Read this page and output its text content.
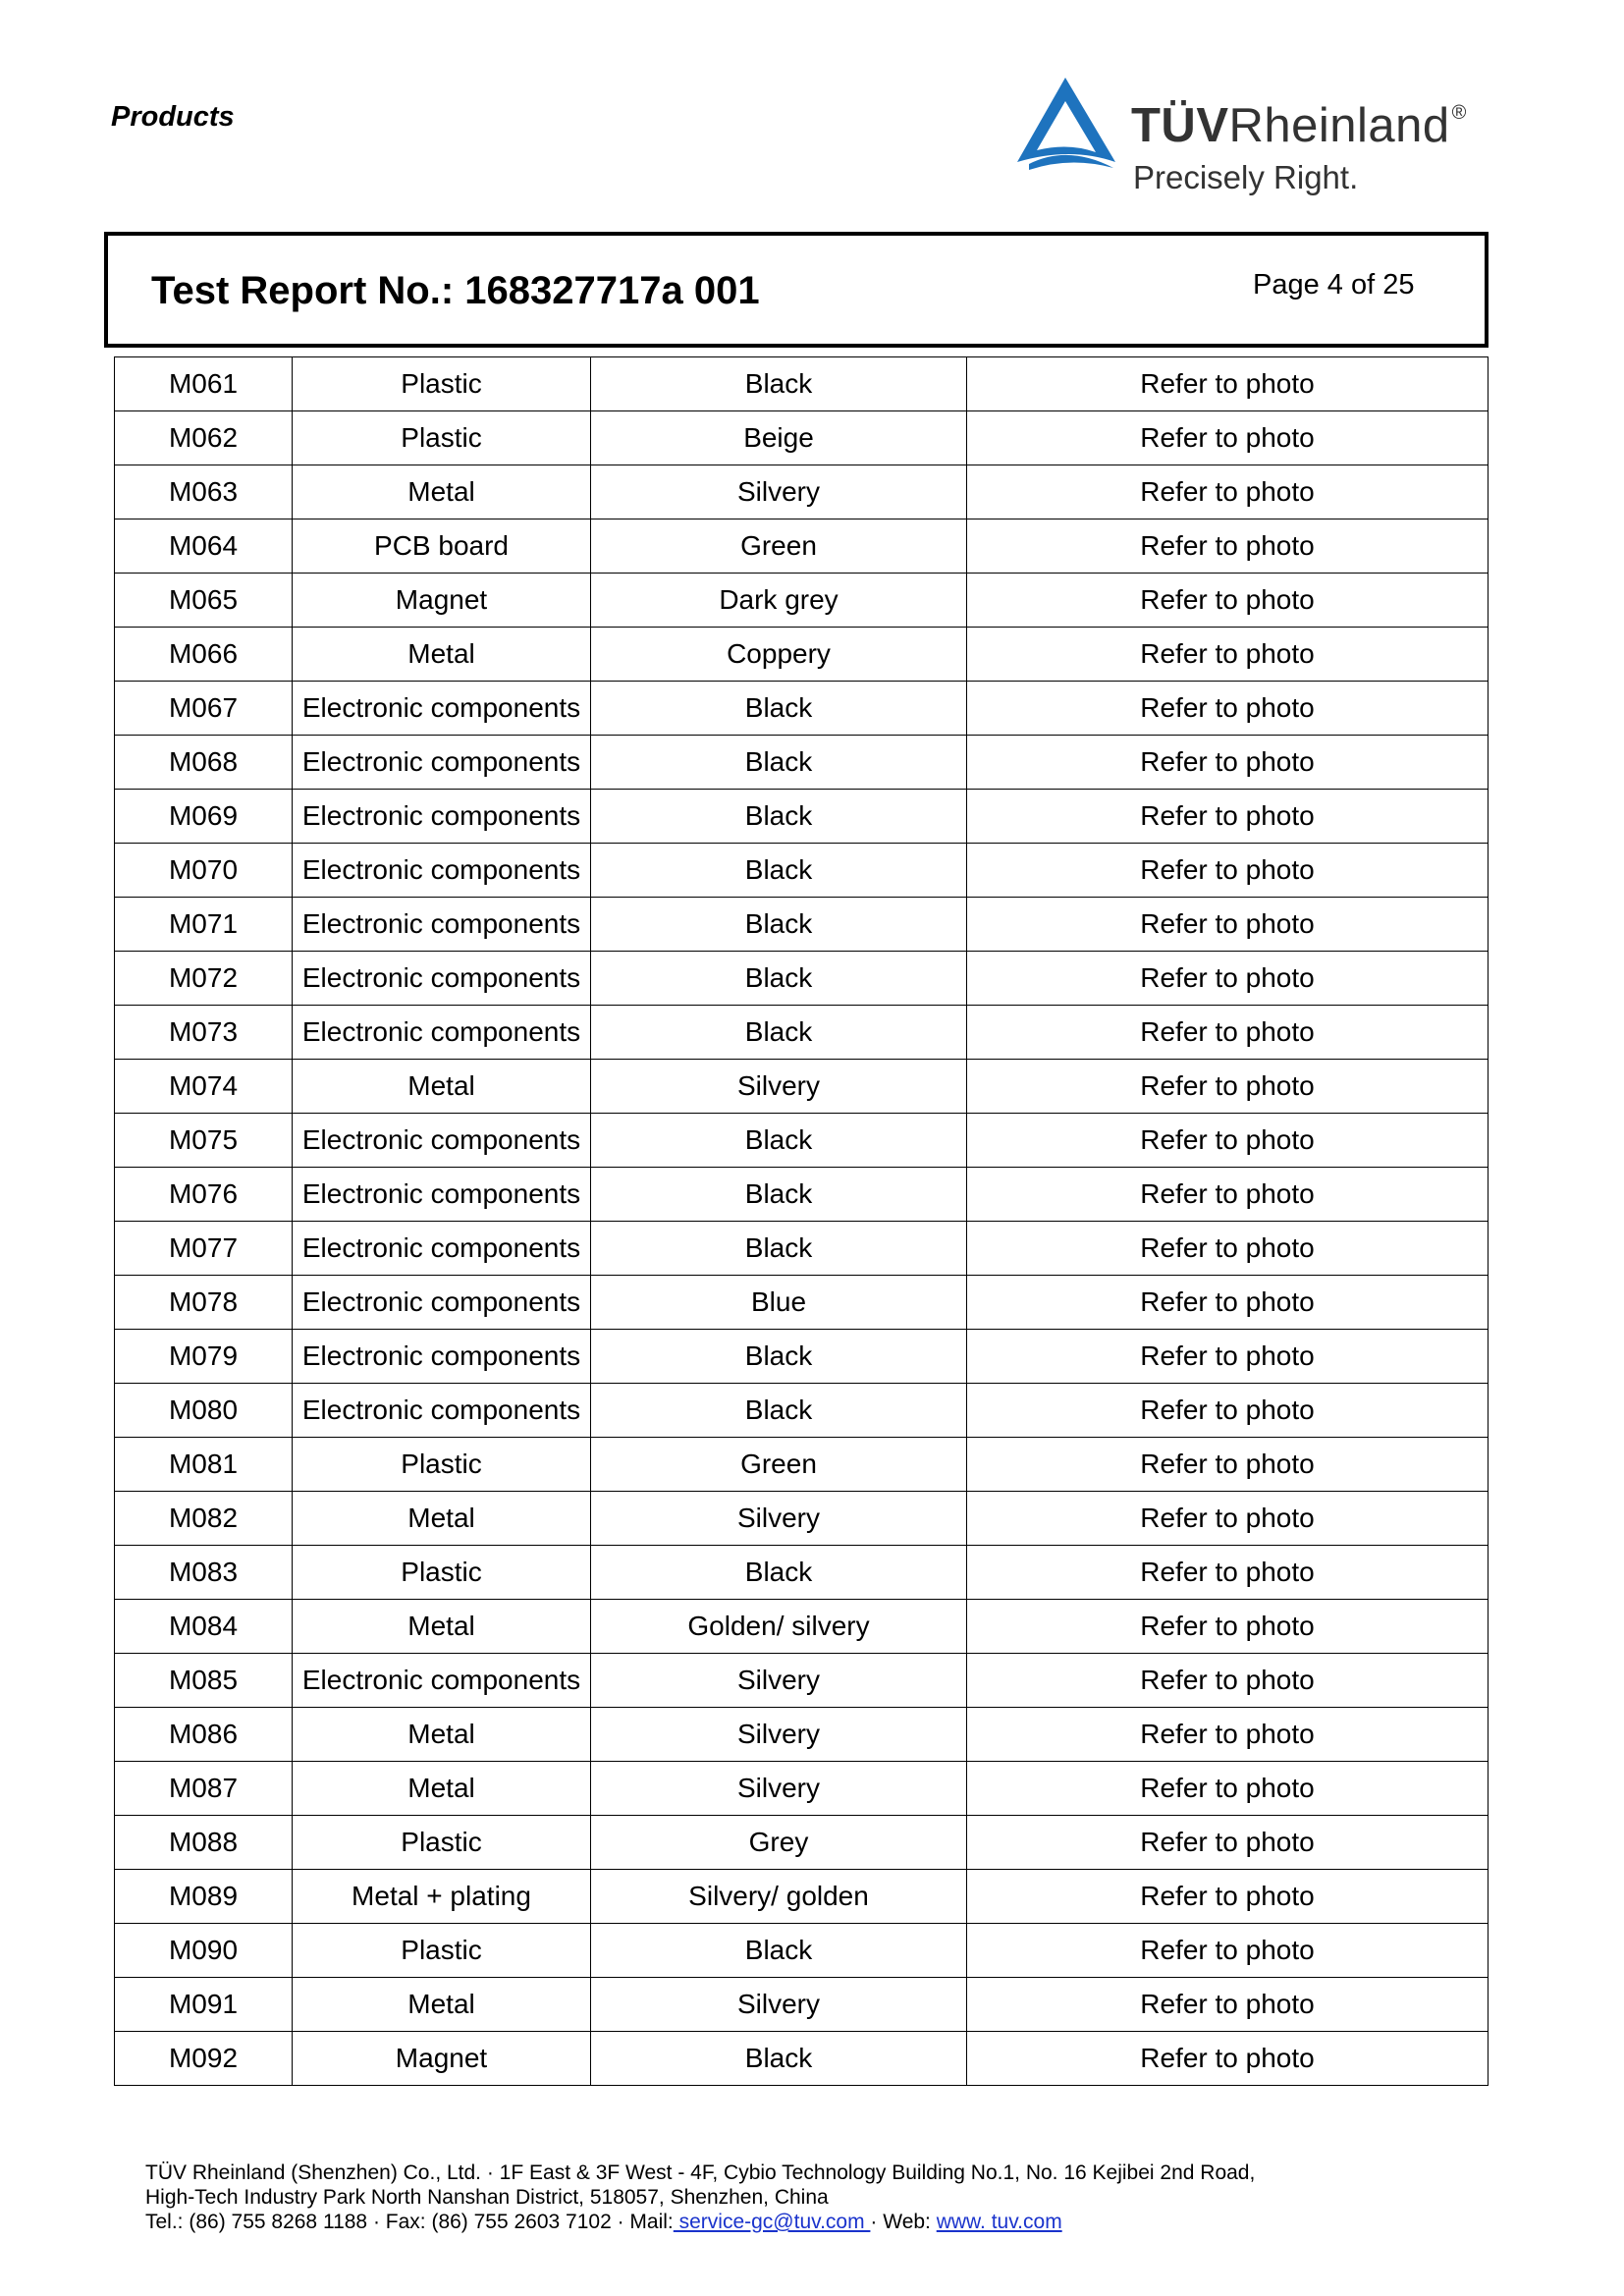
Products	TÜVRheinland ®
Precisely Right.
Test Report No.: 168327717a 001	Page 4 of 25
M061	Plastic	Black	Refer to photo
M062	Plastic	Beige	Refer to photo
M063	Metal	Silvery	Refer to photo
M064	PCB board	Green	Refer to photo
M065	Magnet	Dark grey	Refer to photo
M066	Metal	Coppery	Refer to photo
M067	Electronic components	Black	Refer to photo
M068	Electronic components	Black	Refer to photo
M069	Electronic components	Black	Refer to photo
M070	Electronic components	Black	Refer to photo
M071	Electronic components	Black	Refer to photo
M072	Electronic components	Black	Refer to photo
M073	Electronic components	Black	Refer to photo
M074	Metal	Silvery	Refer to photo
M075	Electronic components	Black	Refer to photo
M076	Electronic components	Black	Refer to photo
M077	Electronic components	Black	Refer to photo
M078	Electronic components	Blue	Refer to photo
M079	Electronic components	Black	Refer to photo
M080	Electronic components	Black	Refer to photo
M081	Plastic	Green	Refer to photo
M082	Metal	Silvery	Refer to photo
M083	Plastic	Black	Refer to photo
M084	Metal	Golden/ silvery	Refer to photo
M085	Electronic components	Silvery	Refer to photo
M086	Metal	Silvery	Refer to photo
M087	Metal	Silvery	Refer to photo
M088	Plastic	Grey	Refer to photo
M089	Metal + plating	Silvery/ golden	Refer to photo
M090	Plastic	Black	Refer to photo
M091	Metal	Silvery	Refer to photo
M092	Magnet	Black	Refer to photo
TÜV Rheinland (Shenzhen) Co., Ltd. · 1F East & 3F West - 4F, Cybio Technology Building No.1, No. 16 Kejibei 2nd Road,
High-Tech Industry Park North Nanshan District, 518057, Shenzhen, China
Tel.: (86) 755 8268 1188 · Fax: (86) 755 2603 7102 · Mail: service-gc@tuv.com · Web: www. tuv.com
